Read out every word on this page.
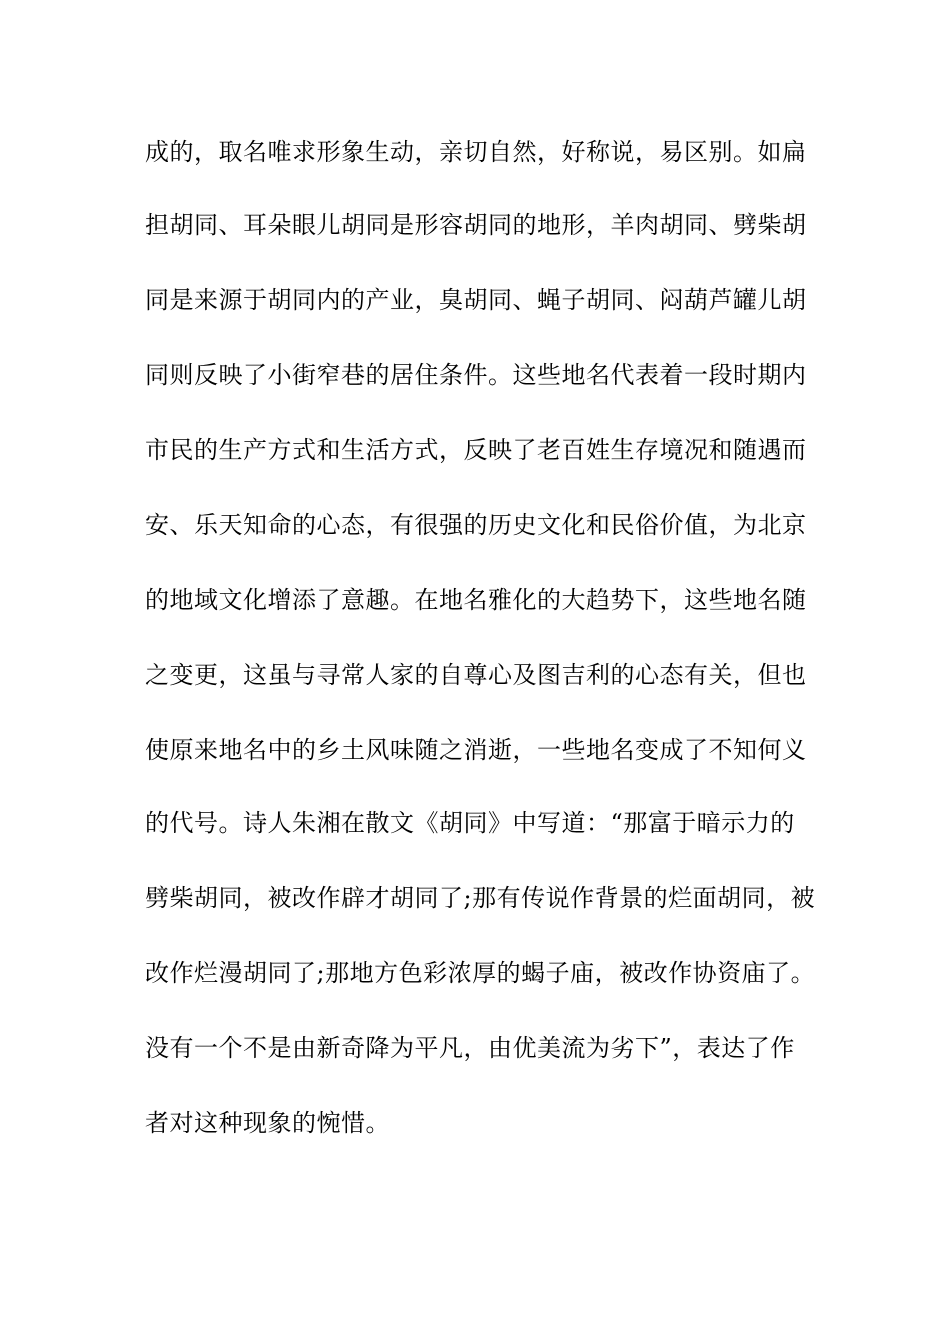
成的，取名唯求形象生动，亲切自然，好称说，易区别。如扁
担胡同、耳朵眼儿胡同是形容胡同的地形，羊肉胡同、劈柴胡
同是来源于胡同内的产业，臭胡同、蝇子胡同、闷葫芦罐儿胡
同则反映了小街窄巷的居住条件。这些地名代表着一段时期内
市民的生产方式和生活方式，反映了老百姓生存境况和随遇而
安、乐天知命的心态，有很强的历史文化和民俗价值，为北京
的地域文化增添了意趣。在地名雅化的大趋势下，这些地名随
之变更，这虽与寻常人家的自尊心及图吉利的心态有关，但也
使原来地名中的乡土风味随之消逝，一些地名变成了不知何义
的代号。诗人朱湘在散文《胡同》中写道：“那富于暗示力的
劈柴胡同，被改作辟才胡同了;那有传说作背景的烂面胡同，被
改作烂漫胡同了;那地方色彩浓厚的蝎子庙，被改作协资庙了。
没有一个不是由新奇降为平凡，由优美流为劣下”，表达了作
者对这种现象的惋惜。
